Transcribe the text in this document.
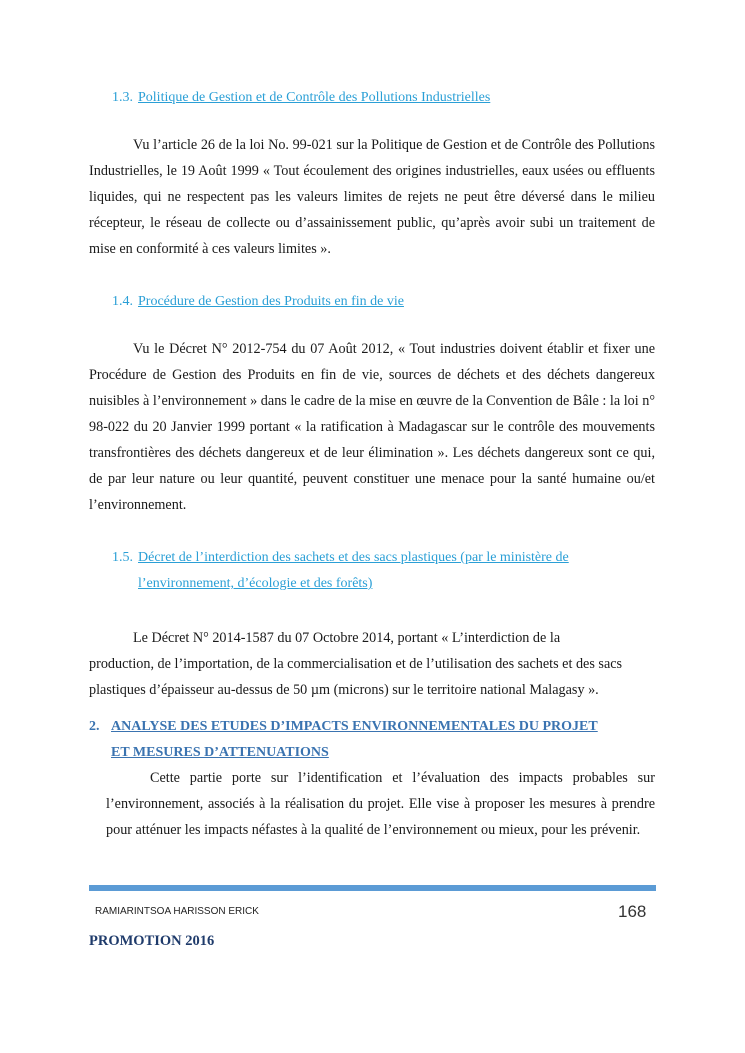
1.3. Politique de Gestion et de Contrôle des Pollutions Industrielles

Vu l’article 26 de la loi No. 99-021 sur la Politique de Gestion et de Contrôle des Pollutions Industrielles, le 19 Août 1999 « Tout écoulement des origines industrielles, eaux usées ou effluents liquides, qui ne respectent pas les valeurs limites de rejets ne peut être déversé dans le milieu récepteur, le réseau de collecte ou d’assainissement public, qu’après avoir subi un traitement de mise en conformité à ces valeurs limites ».

1.4. Procédure de Gestion des Produits en fin de vie

Vu le Décret N° 2012-754 du 07 Août 2012, « Tout industries doivent établir et fixer une Procédure de Gestion des Produits en fin de vie, sources de déchets et des déchets dangereux nuisibles à l’environnement » dans le cadre de la mise en œuvre de la Convention de Bâle : la loi n° 98-022 du 20 Janvier 1999 portant « la ratification à Madagascar sur le contrôle des mouvements transfrontières des déchets dangereux et de leur élimination ». Les déchets dangereux sont ce qui, de par leur nature ou leur quantité, peuvent constituer une menace pour la santé humaine ou/et l’environnement.

1.5. Décret de l’interdiction des sachets et des sacs plastiques (par le ministère de
l’environnement, d’écologie et des forêts)
Le Décret N° 2014-1587 du 07 Octobre 2014, portant « L’interdiction de la
production, de l’importation, de la commercialisation et de l’utilisation des sachets et des sacs
plastiques d’épaisseur au-dessus de 50 µm (microns) sur le territoire national Malagasy ».
2. ANALYSE DES ETUDES D’IMPACTS ENVIRONNEMENTALES DU PROJET
ET MESURES D’ATTENUATIONS

Cette partie porte sur l’identification et l’évaluation des impacts probables sur l’environnement, associés à la réalisation du projet. Elle vise à proposer les mesures à prendre pour atténuer les impacts néfastes à la qualité de l’environnement ou mieux, pour les prévenir.

RAMIARINTSOA HARISSON ERICK	168
PROMOTION 2016
